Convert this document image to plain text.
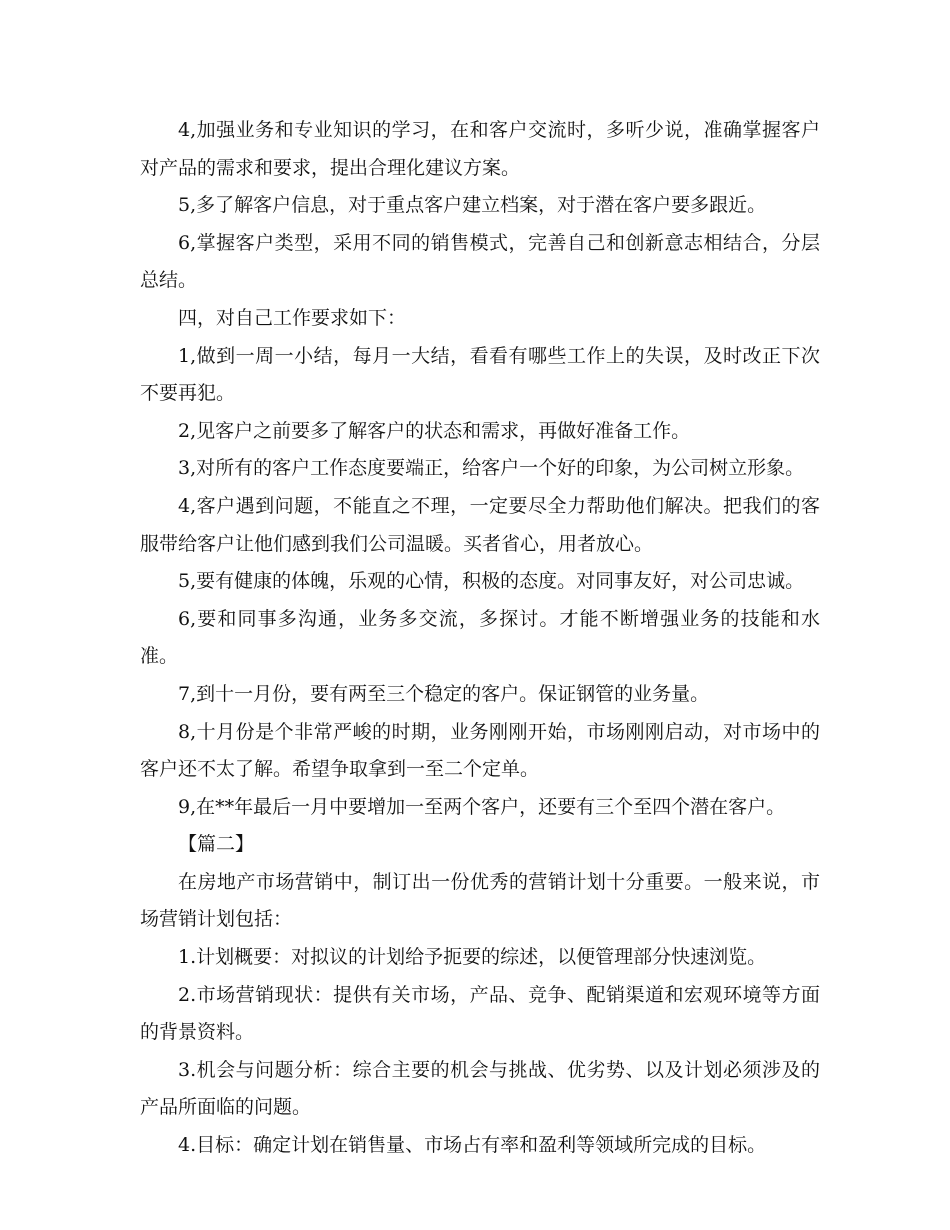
4,加强业务和专业知识的学习，在和客户交流时，多听少说，准确掌握客户对产品的需求和要求，提出合理化建议方案。

5,多了解客户信息，对于重点客户建立档案，对于潜在客户要多跟近。

6,掌握客户类型，采用不同的销售模式，完善自己和创新意志相结合，分层总结。

四，对自己工作要求如下：

1,做到一周一小结，每月一大结，看看有哪些工作上的失误，及时改正下次不要再犯。

2,见客户之前要多了解客户的状态和需求，再做好准备工作。

3,对所有的客户工作态度要端正，给客户一个好的印象，为公司树立形象。

4,客户遇到问题，不能直之不理，一定要尽全力帮助他们解决。把我们的客服带给客户让他们感到我们公司温暖。买者省心，用者放心。

5,要有健康的体魄，乐观的心情，积极的态度。对同事友好，对公司忠诚。

6,要和同事多沟通，业务多交流，多探讨。才能不断增强业务的技能和水准。

7,到十一月份，要有两至三个稳定的客户。保证钢管的业务量。

8,十月份是个非常严峻的时期，业务刚刚开始，市场刚刚启动，对市场中的客户还不太了解。希望争取拿到一至二个定单。

9,在**年最后一月中要增加一至两个客户，还要有三个至四个潜在客户。

【篇二】

在房地产市场营销中，制订出一份优秀的营销计划十分重要。一般来说，市场营销计划包括：

1.计划概要：对拟议的计划给予扼要的综述，以便管理部分快速浏览。

2.市场营销现状：提供有关市场，产品、竞争、配销渠道和宏观环境等方面的背景资料。

3.机会与问题分析：综合主要的机会与挑战、优劣势、以及计划必须涉及的产品所面临的问题。

4.目标：确定计划在销售量、市场占有率和盈利等领域所完成的目标。
